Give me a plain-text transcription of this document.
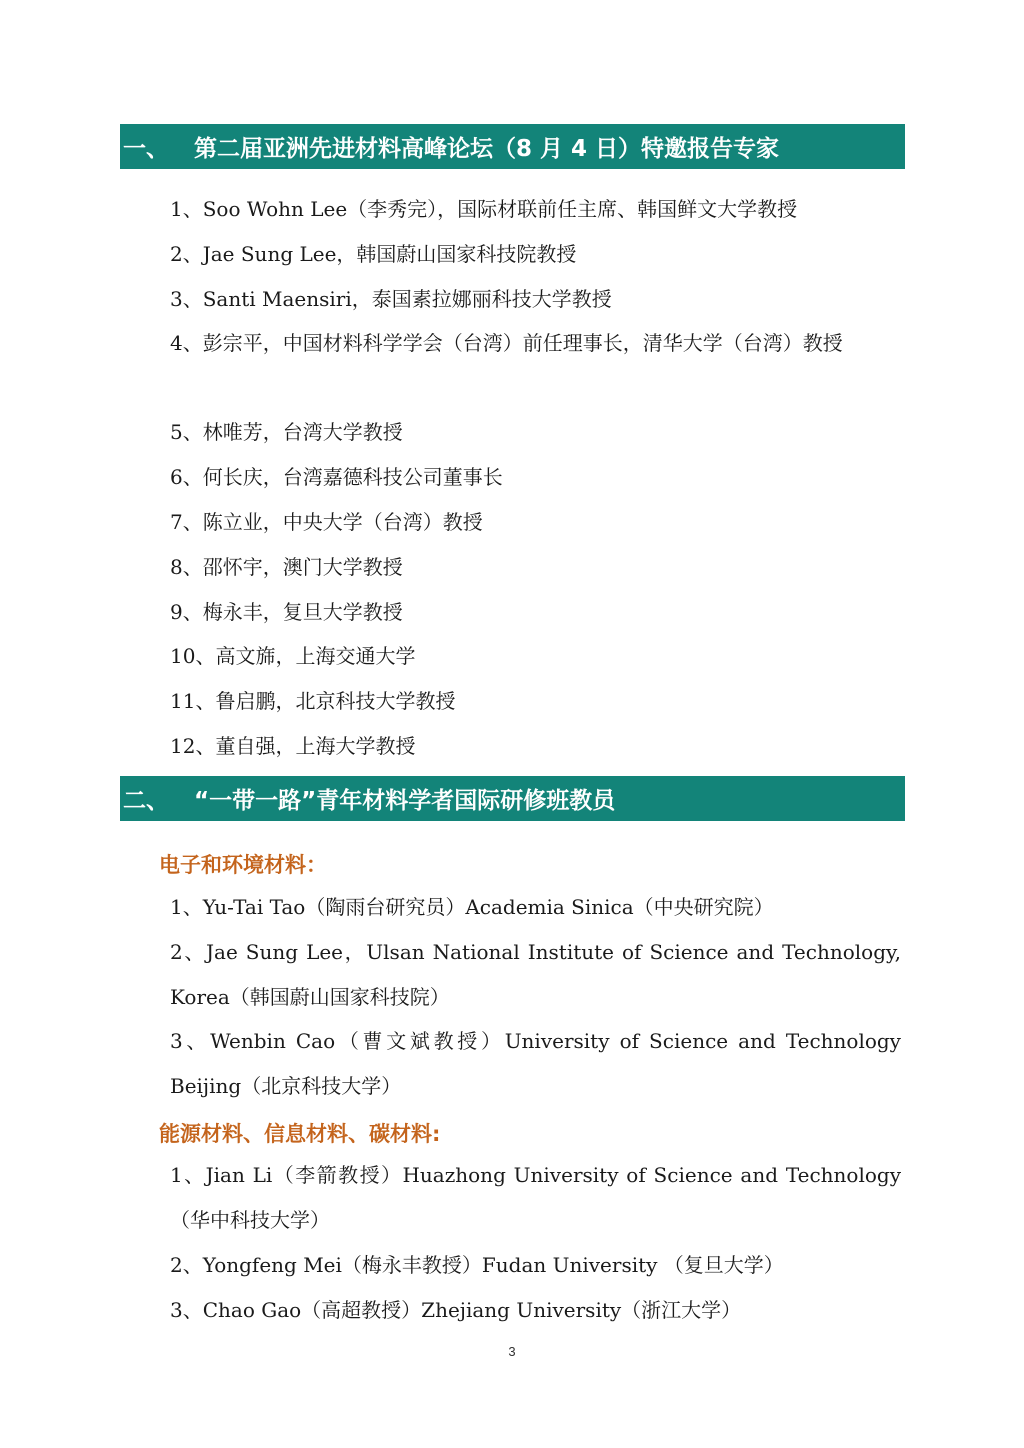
一、	第二届亚洲先进材料高峰论坛（8 月 4 日）特邀报告专家
1、Soo Wohn Lee（李秀完），国际材联前任主席、韩国鲜文大学教授
2、Jae Sung Lee，韩国蔚山国家科技院教授
3、Santi Maensiri，泰国素拉娜丽科技大学教授
4、彭宗平，中国材料科学学会（台湾）前任理事长，清华大学（台湾）教授
5、林唯芳，台湾大学教授
6、何长庆，台湾嘉德科技公司董事长
7、陈立业，中央大学（台湾）教授
8、邵怀宇，澳门大学教授
9、梅永丰，复旦大学教授
10、高文旆，上海交通大学
11、鲁启鹏，北京科技大学教授
12、董自强，上海大学教授
二、	“一带一路”青年材料学者国际研修班教员
电子和环境材料：
1、Yu-Tai Tao（陶雨台研究员）Academia Sinica（中央研究院）
2、Jae Sung Lee，Ulsan National Institute of Science and Technology, Korea（韩国蔚山国家科技院）
3、Wenbin Cao（曹文斌教授）University of Science and Technology Beijing（北京科技大学）
能源材料、信息材料、碳材料:
1、Jian Li（李箭教授）Huazhong University of Science and Technology（华中科技大学）
2、Yongfeng Mei（梅永丰教授）Fudan University （复旦大学）
3、Chao Gao（高超教授）Zhejiang University（浙江大学）
3
